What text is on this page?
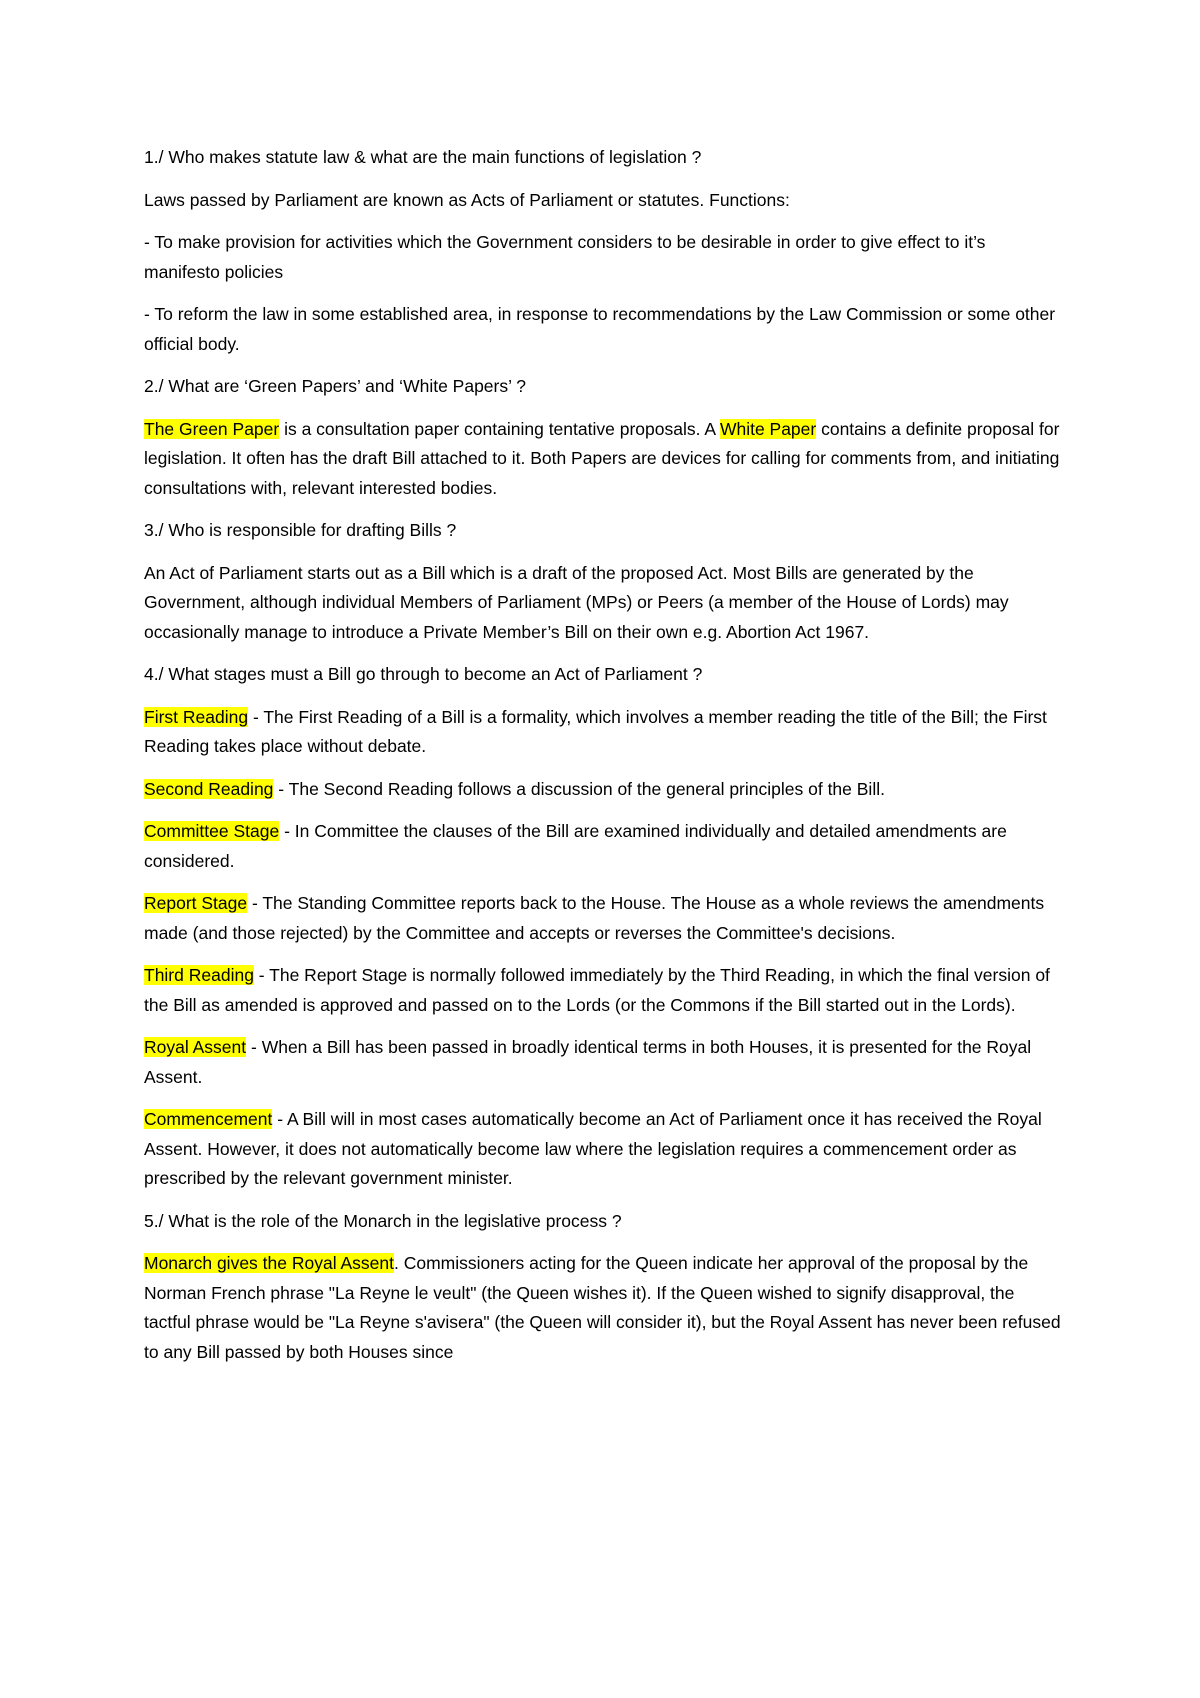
1./ Who makes statute law & what are the main functions of legislation ?

Laws passed by Parliament are known as Acts of Parliament or statutes. Functions:

- To make provision for activities which the Government considers to be desirable in order to give effect to it’s manifesto policies

- To reform the law in some established area, in response to recommendations by the Law Commission or some other official body.

2./ What are ‘Green Papers’ and ‘White Papers’ ?

The Green Paper is a consultation paper containing tentative proposals. A White Paper contains a definite proposal for legislation. It often has the draft Bill attached to it. Both Papers are devices for calling for comments from, and initiating consultations with, relevant interested bodies.

3./ Who is responsible for drafting Bills ?

An Act of Parliament starts out as a Bill which is a draft of the proposed Act. Most Bills are generated by the Government, although individual Members of Parliament (MPs) or Peers (a member of the House of Lords) may occasionally manage to introduce a Private Member’s Bill on their own e.g. Abortion Act 1967.

4./ What stages must a Bill go through to become an Act of Parliament ?

First Reading - The First Reading of a Bill is a formality, which involves a member reading the title of the Bill; the First Reading takes place without debate.

Second Reading - The Second Reading follows a discussion of the general principles of the Bill.

Committee Stage - In Committee the clauses of the Bill are examined individually and detailed amendments are considered.

Report Stage - The Standing Committee reports back to the House. The House as a whole reviews the amendments made (and those rejected) by the Committee and accepts or reverses the Committee's decisions.

Third Reading - The Report Stage is normally followed immediately by the Third Reading, in which the final version of the Bill as amended is approved and passed on to the Lords (or the Commons if the Bill started out in the Lords).

Royal Assent - When a Bill has been passed in broadly identical terms in both Houses, it is presented for the Royal Assent.

Commencement - A Bill will in most cases automatically become an Act of Parliament once it has received the Royal Assent. However, it does not automatically become law where the legislation requires a commencement order as prescribed by the relevant government minister.

5./ What is the role of the Monarch in the legislative process ?

Monarch gives the Royal Assent. Commissioners acting for the Queen indicate her approval of the proposal by the Norman French phrase "La Reyne le veult" (the Queen wishes it). If the Queen wished to signify disapproval, the tactful phrase would be "La Reyne s'avisera" (the Queen will consider it), but the Royal Assent has never been refused to any Bill passed by both Houses since
